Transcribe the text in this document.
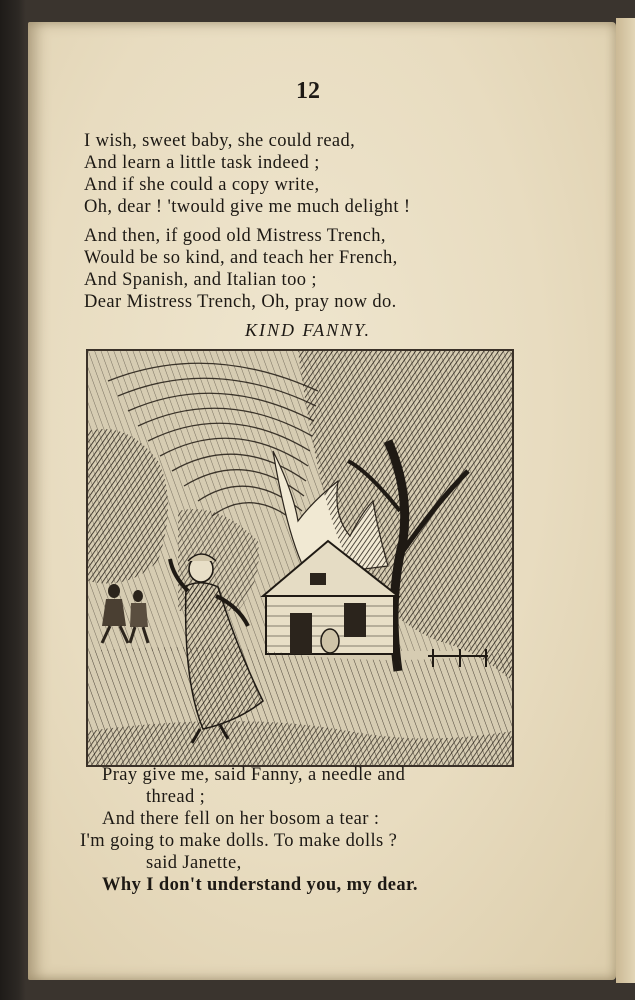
12
I wish, sweet baby, she could read,
And learn a little task indeed ;
And if she could a copy write,
Oh, dear ! 'twould give me much delight !
And then, if good old Mistress Trench,
Would be so kind, and teach her French,
And Spanish, and Italian too ;
Dear Mistress Trench, Oh, pray now do.
KIND FANNY.
Pray give me, said Fanny, a needle and
thread ;
And there fell on her bosom a tear :
I'm going to make dolls. To make dolls ?
said Janette,
Why I don't understand you, my dear.
